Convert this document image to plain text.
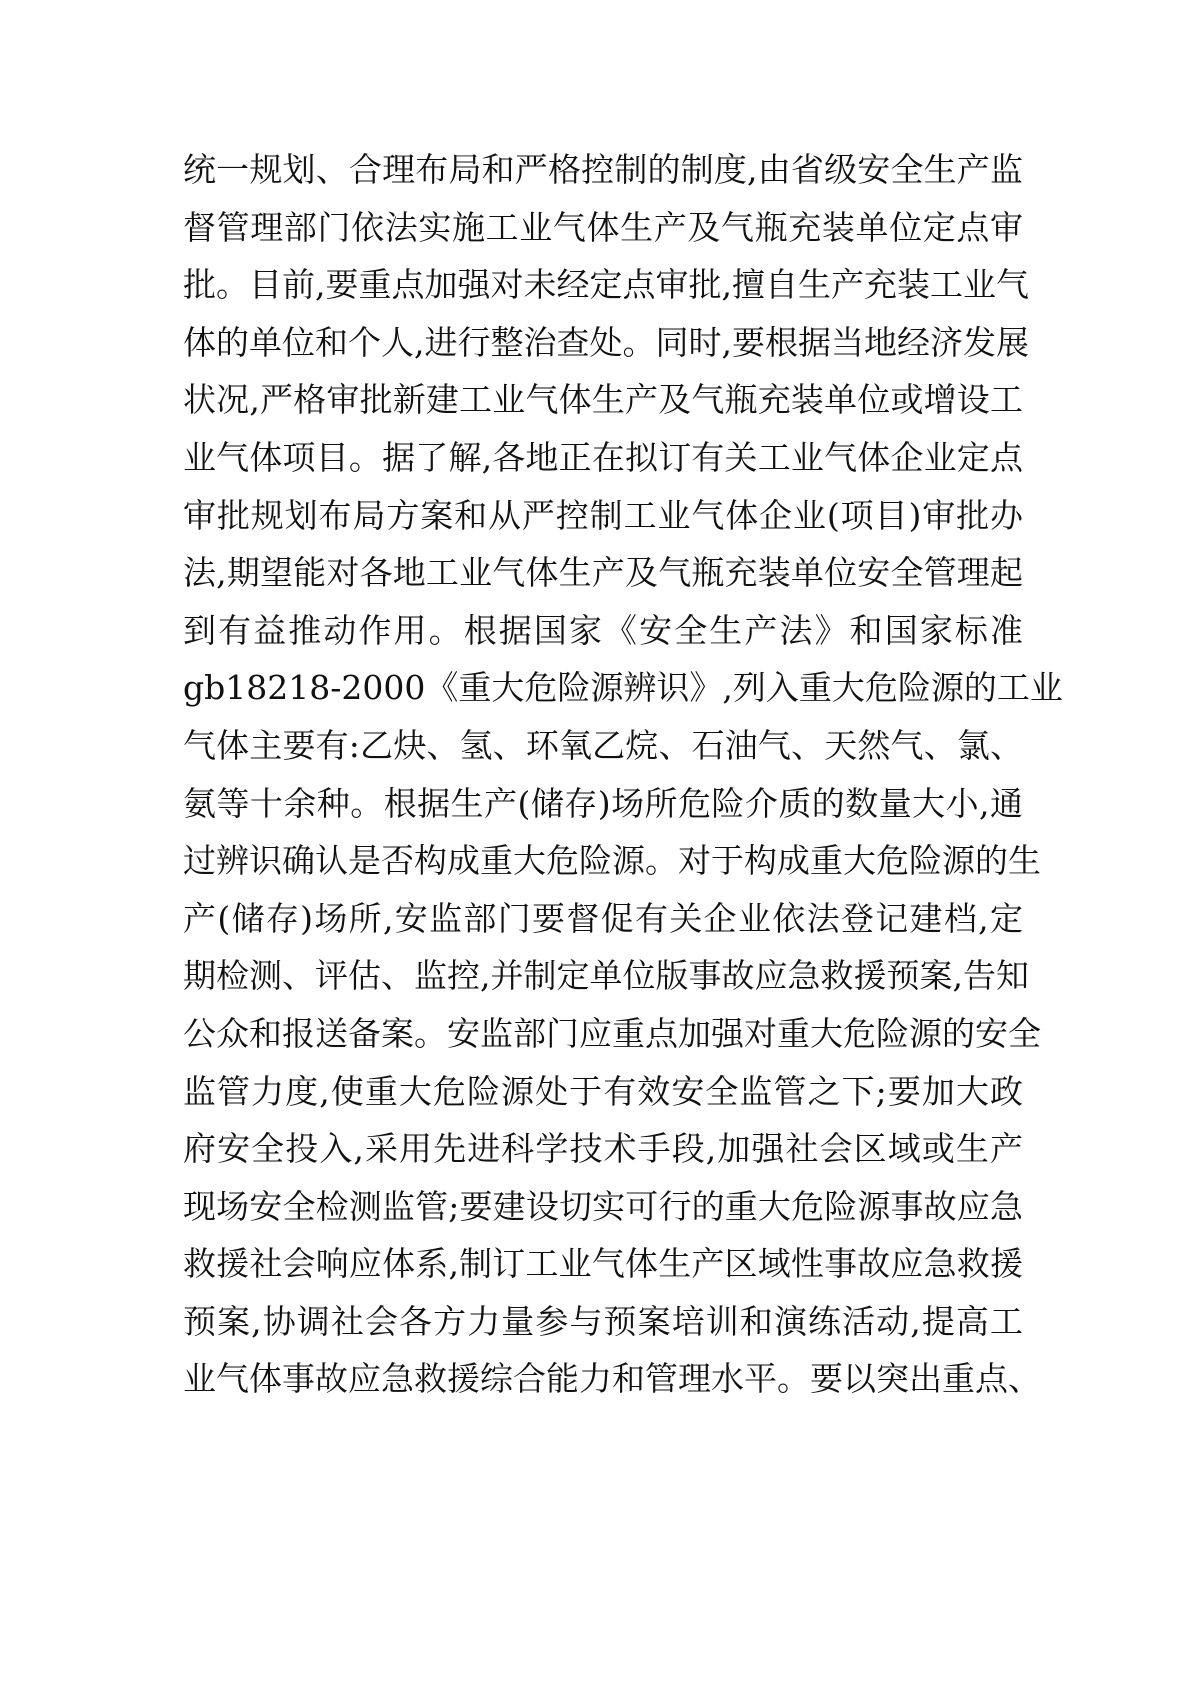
统一规划、合理布局和严格控制的制度,由省级安全生产监
督管理部门依法实施工业气体生产及气瓶充装单位定点审
批。目前,要重点加强对未经定点审批,擅自生产充装工业气
体的单位和个人,进行整治查处。同时,要根据当地经济发展
状况,严格审批新建工业气体生产及气瓶充装单位或增设工
业气体项目。据了解,各地正在拟订有关工业气体企业定点
审批规划布局方案和从严控制工业气体企业(项目)审批办
法,期望能对各地工业气体生产及气瓶充装单位安全管理起
到有益推动作用。根据国家《安全生产法》和国家标准
gb18218-2000《重大危险源辨识》,列入重大危险源的工业
气体主要有:乙炔、氢、环氧乙烷、石油气、天然气、氯、
氨等十余种。根据生产(储存)场所危险介质的数量大小,通
过辨识确认是否构成重大危险源。对于构成重大危险源的生
产(储存)场所,安监部门要督促有关企业依法登记建档,定
期检测、评估、监控,并制定单位版事故应急救援预案,告知
公众和报送备案。安监部门应重点加强对重大危险源的安全
监管力度,使重大危险源处于有效安全监管之下;要加大政
府安全投入,采用先进科学技术手段,加强社会区域或生产
现场安全检测监管;要建设切实可行的重大危险源事故应急
救援社会响应体系,制订工业气体生产区域性事故应急救援
预案,协调社会各方力量参与预案培训和演练活动,提高工
业气体事故应急救援综合能力和管理水平。要以突出重点、
